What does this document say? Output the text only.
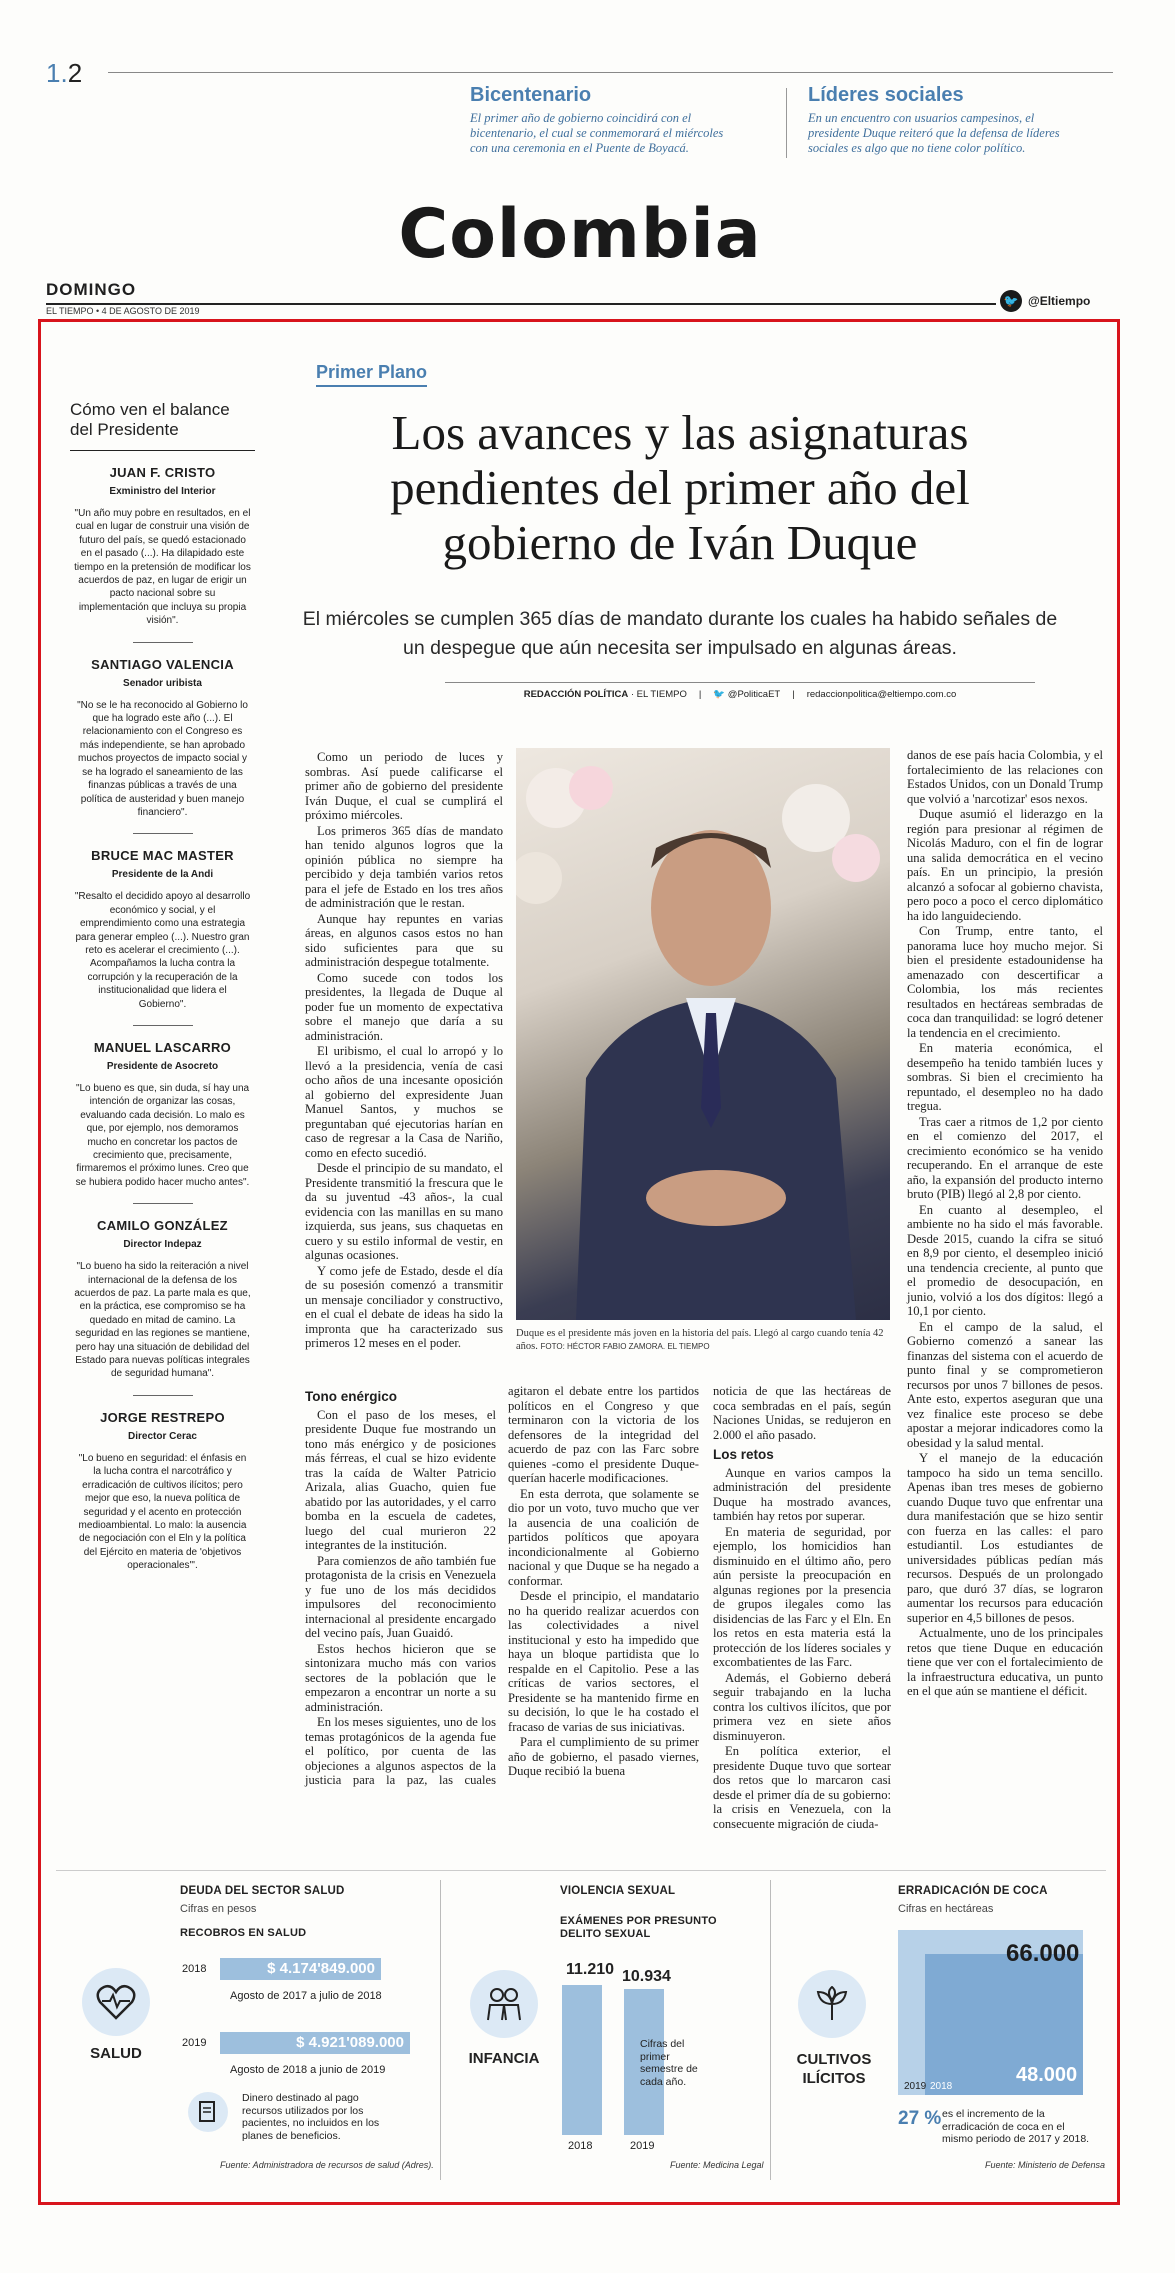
1.2
Bicentenario

El primer año de gobierno coincidirá con el bicentenario, el cual se conmemorará el miércoles con una ceremonia en el Puente de Boyacá.

Líderes sociales

En un encuentro con usuarios campesinos, el presidente Duque reiteró que la defensa de líderes sociales es algo que no tiene color político.

Colombia
DOMINGO
EL TIEMPO • 4 DE AGOSTO DE 2019
🐦 @Eltiempo
Cómo ven el balance del Presidente
JUAN F. CRISTO
Exministro del Interior
"Un año muy pobre en resultados, en el cual en lugar de construir una visión de futuro del país, se quedó estacionado en el pasado (...). Ha dilapidado este tiempo en la pretensión de modificar los acuerdos de paz, en lugar de erigir un pacto nacional sobre su implementación que incluya su propia visión".
SANTIAGO VALENCIA
Senador uribista
"No se le ha reconocido al Gobierno lo que ha logrado este año (...). El relacionamiento con el Congreso es más independiente, se han aprobado muchos proyectos de impacto social y se ha logrado el saneamiento de las finanzas públicas a través de una política de austeridad y buen manejo financiero".
BRUCE MAC MASTER
Presidente de la Andi
"Resalto el decidido apoyo al desarrollo económico y social, y el emprendimiento como una estrategia para generar empleo (...). Nuestro gran reto es acelerar el crecimiento (...). Acompañamos la lucha contra la corrupción y la recuperación de la institucionalidad que lidera el Gobierno".
MANUEL LASCARRO
Presidente de Asocreto
"Lo bueno es que, sin duda, sí hay una intención de organizar las cosas, evaluando cada decisión. Lo malo es que, por ejemplo, nos demoramos mucho en concretar los pactos de crecimiento que, precisamente, firmaremos el próximo lunes. Creo que se hubiera podido hacer mucho antes".
CAMILO GONZÁLEZ
Director Indepaz
"Lo bueno ha sido la reiteración a nivel internacional de la defensa de los acuerdos de paz. La parte mala es que, en la práctica, ese compromiso se ha quedado en mitad de camino. La seguridad en las regiones se mantiene, pero hay una situación de debilidad del Estado para nuevas políticas integrales de seguridad humana".
JORGE RESTREPO
Director Cerac
"Lo bueno en seguridad: el énfasis en la lucha contra el narcotráfico y erradicación de cultivos ilícitos; pero mejor que eso, la nueva política de seguridad y el acento en protección medioambiental. Lo malo: la ausencia de negociación con el Eln y la política del Ejército en materia de 'objetivos operacionales'".
Primer Plano
Los avances y las asignaturas pendientes del primer año del gobierno de Iván Duque
El miércoles se cumplen 365 días de mandato durante los cuales ha habido señales de un despegue que aún necesita ser impulsado en algunas áreas.
REDACCIÓN POLÍTICA · EL TIEMPO | 🐦 @PoliticaET | redaccionpolitica@eltiempo.com.co
Duque es el presidente más joven en la historia del país. Llegó al cargo cuando tenía 42 años. FOTO: HÉCTOR FABIO ZAMORA. EL TIEMPO

Como un periodo de luces y sombras. Así puede calificarse el primer año de gobierno del presidente Iván Duque, el cual se cumplirá el próximo miércoles.

Los primeros 365 días de mandato han tenido algunos logros que la opinión pública no siempre ha percibido y deja también varios retos para el jefe de Estado en los tres años de administración que le restan.

Aunque hay repuntes en varias áreas, en algunos casos estos no han sido suficientes para que su administración despegue totalmente.

Como sucede con todos los presidentes, la llegada de Duque al poder fue un momento de expectativa sobre el manejo que daría a su administración.

El uribismo, el cual lo arropó y lo llevó a la presidencia, venía de casi ocho años de una incesante oposición al gobierno del expresidente Juan Manuel Santos, y muchos se preguntaban qué ejecutorias harían en caso de regresar a la Casa de Nariño, como en efecto sucedió.

Desde el principio de su mandato, el Presidente transmitió la frescura que le da su juventud -43 años-, la cual evidencia con las manillas en su mano izquierda, sus jeans, sus chaquetas en cuero y su estilo informal de vestir, en algunas ocasiones.

Y como jefe de Estado, desde el día de su posesión comenzó a transmitir un mensaje conciliador y constructivo, en el cual el debate de ideas ha sido la impronta que ha caracterizado sus primeros 12 meses en el poder.

Tono enérgico

Con el paso de los meses, el presidente Duque fue mostrando un tono más enérgico y de posiciones más férreas, el cual se hizo evidente tras la caída de Walter Patricio Arizala, alias Guacho, quien fue abatido por las autoridades, y el carro bomba en la escuela de cadetes, luego del cual murieron 22 integrantes de la institución.

Para comienzos de año también fue protagonista de la crisis en Venezuela y fue uno de los más decididos impulsores del reconocimiento internacional al presidente encargado del vecino país, Juan Guaidó.

Estos hechos hicieron que se sintonizara mucho más con varios sectores de la población que le empezaron a encontrar un norte a su administración.

En los meses siguientes, uno de los temas protagónicos de la agenda fue el político, por cuenta de las objeciones a algunos aspectos de la justicia para la paz, las cuales agitaron el debate entre los partidos políticos en el Congreso y que terminaron con la victoria de los defensores de la integridad del acuerdo de paz con las Farc sobre quienes -como el presidente Duque- querían hacerle modificaciones.

En esta derrota, que solamente se dio por un voto, tuvo mucho que ver la ausencia de una coalición de partidos políticos que apoyara incondicionalmente al Gobierno nacional y que Duque se ha negado a conformar.

Desde el principio, el mandatario no ha querido realizar acuerdos con las colectividades a nivel institucional y esto ha impedido que haya un bloque partidista que lo respalde en el Capitolio. Pese a las críticas de varios sectores, el Presidente se ha mantenido firme en su decisión, lo que le ha costado el fracaso de varias de sus iniciativas.

Para el cumplimiento de su primer año de gobierno, el pasado viernes, Duque recibió la buena

noticia de que las hectáreas de coca sembradas en el país, según Naciones Unidas, se redujeron en 2.000 el año pasado.

Los retos

Aunque en varios campos la administración del presidente Duque ha mostrado avances, también hay retos por superar.

En materia de seguridad, por ejemplo, los homicidios han disminuido en el último año, pero aún persiste la preocupación en algunas regiones por la presencia de grupos ilegales como las disidencias de las Farc y el Eln. En los retos en esta materia está la protección de los líderes sociales y excombatientes de las Farc.

Además, el Gobierno deberá seguir trabajando en la lucha contra los cultivos ilícitos, que por primera vez en siete años disminuyeron.

En política exterior, el presidente Duque tuvo que sortear dos retos que lo marcaron casi desde el primer día de su gobierno: la crisis en Venezuela, con la consecuente migración de ciuda-

danos de ese país hacia Colombia, y el fortalecimiento de las relaciones con Estados Unidos, con un Donald Trump que volvió a 'narcotizar' esos nexos.

Duque asumió el liderazgo en la región para presionar al régimen de Nicolás Maduro, con el fin de lograr una salida democrática en el vecino país. En un principio, la presión alcanzó a sofocar al gobierno chavista, pero poco a poco el cerco diplomático ha ido languideciendo.

Con Trump, entre tanto, el panorama luce hoy mucho mejor. Si bien el presidente estadounidense ha amenazado con descertificar a Colombia, los más recientes resultados en hectáreas sembradas de coca dan tranquilidad: se logró detener la tendencia en el crecimiento.

En materia económica, el desempeño ha tenido también luces y sombras. Si bien el crecimiento ha repuntado, el desempleo no ha dado tregua.

Tras caer a ritmos de 1,2 por ciento en el comienzo del 2017, el crecimiento económico se ha venido recuperando. En el arranque de este año, la expansión del producto interno bruto (PIB) llegó al 2,8 por ciento.

En cuanto al desempleo, el ambiente no ha sido el más favorable. Desde 2015, cuando la cifra se situó en 8,9 por ciento, el desempleo inició una tendencia creciente, al punto que el promedio de desocupación, en junio, volvió a los dos dígitos: llegó a 10,1 por ciento.

En el campo de la salud, el Gobierno comenzó a sanear las finanzas del sistema con el acuerdo de punto final y se comprometieron recursos por unos 7 billones de pesos. Ante esto, expertos aseguran que una vez finalice este proceso se debe apostar a mejorar indicadores como la obesidad y la salud mental.

Y el manejo de la educación tampoco ha sido un tema sencillo. Apenas iban tres meses de gobierno cuando Duque tuvo que enfrentar una dura manifestación que se hizo sentir con fuerza en las calles: el paro estudiantil. Los estudiantes de universidades públicas pedían más recursos. Después de un prolongado paro, que duró 37 días, se lograron aumentar los recursos para educación superior en 4,5 billones de pesos.

Actualmente, uno de los principales retos que tiene Duque en educación tiene que ver con el fortalecimiento de la infraestructura educativa, un punto en el que aún se mantiene el déficit.

DEUDA DEL SECTOR SALUD
Cifras en pesos
RECOBROS EN SALUD
SALUD
2018	$ 4.174'849.000
Agosto de 2017 a julio de 2018
2019	$ 4.921'089.000
Agosto de 2018 a junio de 2019
Dinero destinado al pago recursos utilizados por los pacientes, no incluidos en los planes de beneficios.
Fuente: Administradora de recursos de salud (Adres).
VIOLENCIA SEXUAL
EXÁMENES POR PRESUNTO DELITO SEXUAL
INFANCIA
11.210 10.934
2018	2019
Cifras del primer semestre de cada año.
Fuente: Medicina Legal
ERRADICACIÓN DE COCA
Cifras en hectáreas
CULTIVOS ILÍCITOS
66.000
48.000
2019 2018
27 % es el incremento de la erradicación de coca en el mismo periodo de 2017 y 2018.
Fuente: Ministerio de Defensa
